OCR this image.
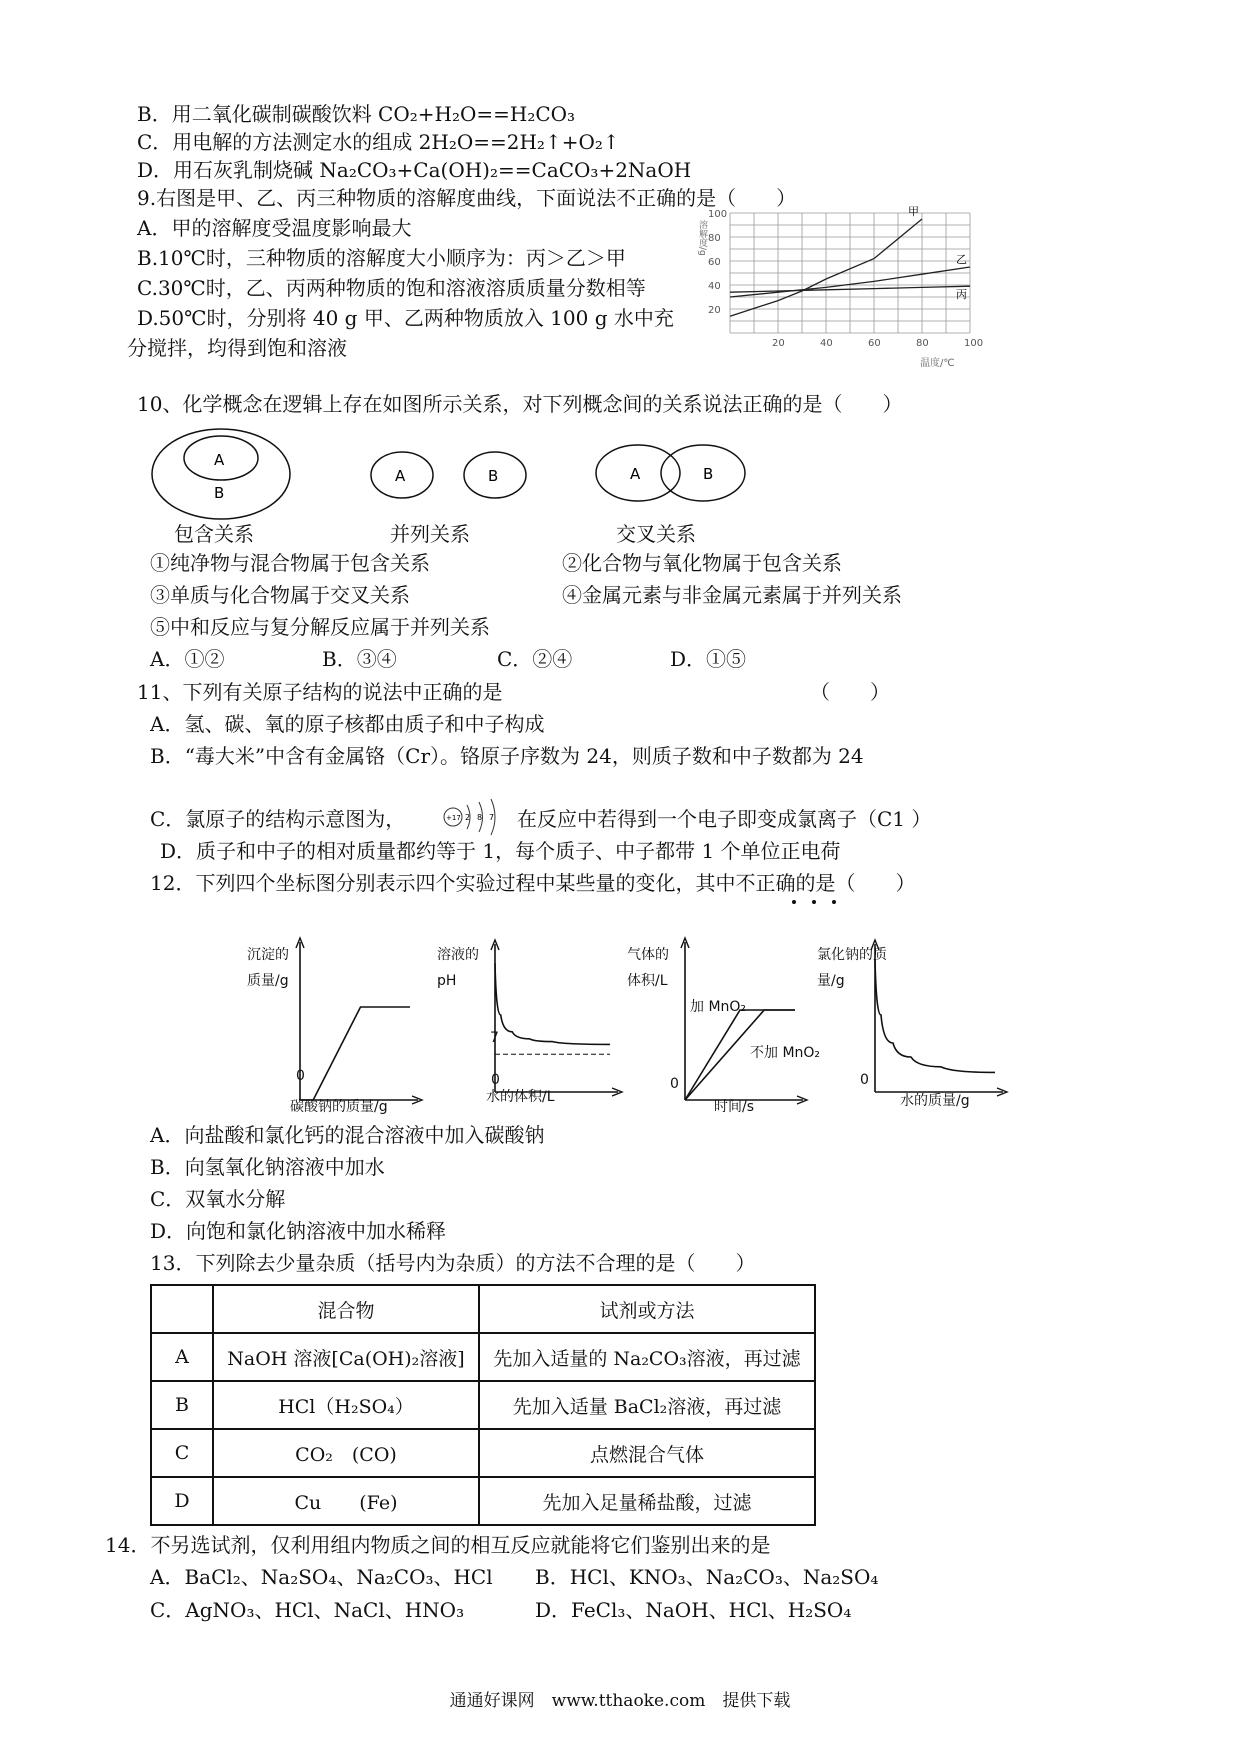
B．用二氧化碳制碳酸饮料 CO₂+H₂O==H₂CO₃
C．用电解的方法测定水的组成 2H₂O==2H₂↑+O₂↑
D．用石灰乳制烧碱 Na₂CO₃+Ca(OH)₂==CaCO₃+2NaOH
9.右图是甲、乙、丙三种物质的溶解度曲线，下面说法不正确的是（　　）
A．甲的溶解度受温度影响最大
B.10℃时，三种物质的溶解度大小顺序为：丙＞乙＞甲
C.30℃时，乙、丙两种物质的饱和溶液溶质质量分数相等
D.50℃时，分别将 40 g 甲、乙两种物质放入 100 g 水中充
分搅拌，均得到饱和溶液	20	40	60	80	100
20
40
60
80
100
溶解度/g
温度/℃
甲
乙
丙
10、化学概念在逻辑上存在如图所示关系，对下列概念间的关系说法正确的是（　　）
A
B
A	B	A	B
包含关系	并列关系	交叉关系
①纯净物与混合物属于包含关系	②化合物与氧化物属于包含关系
③单质与化合物属于交叉关系	④金属元素与非金属元素属于并列关系
⑤中和反应与复分解反应属于并列关系
A．①②	B．③④	C．②④	D．①⑤
11、下列有关原子结构的说法中正确的是	（　　）
A．氢、碳、氧的原子核都由质子和中子构成
B．“毒大米”中含有金属铬（Cr）。铬原子序数为 24，则质子数和中子数都为 24
C．氯原子的结构示意图为，	+17 2 8 7 在反应中若得到一个电子即变成氯离子（C1 ）
D．质子和中子的相对质量都约等于 1，每个质子、中子都带 1 个单位正电荷
12．下列四个坐标图分别表示四个实验过程中某些量的变化，其中不正确的是（　　）
沉淀的质量/g
碳酸钠的质量/g
0
溶液的pH
水的体积/L
7
0
气体的体积/L
时间/s
0
加 MnO₂
不加 MnO₂
氯化钠的质量/g
水的质量/g
0
A．向盐酸和氯化钙的混合溶液中加入碳酸钠
B．向氢氧化钠溶液中加水
C．双氧水分解
D．向饱和氯化钠溶液中加水稀释
13．下列除去少量杂质（括号内为杂质）的方法不合理的是（　　）
	混合物	试剂或方法
A	NaOH 溶液[Ca(OH)₂溶液]	先加入适量的 Na₂CO₃溶液，再过滤
B	HCl（H₂SO₄）	先加入适量 BaCl₂溶液，再过滤
C	CO₂　(CO)	点燃混合气体
D	Cu　　(Fe)	先加入足量稀盐酸，过滤
14．不另选试剂，仅利用组内物质之间的相互反应就能将它们鉴别出来的是
A．BaCl₂、Na₂SO₄、Na₂CO₃、HCl B．HCl、KNO₃、Na₂CO₃、Na₂SO₄
C．AgNO₃、HCl、NaCl、HNO₃	D．FeCl₃、NaOH、HCl、H₂SO₄
通通好课网　www.tthaoke.com　提供下载
